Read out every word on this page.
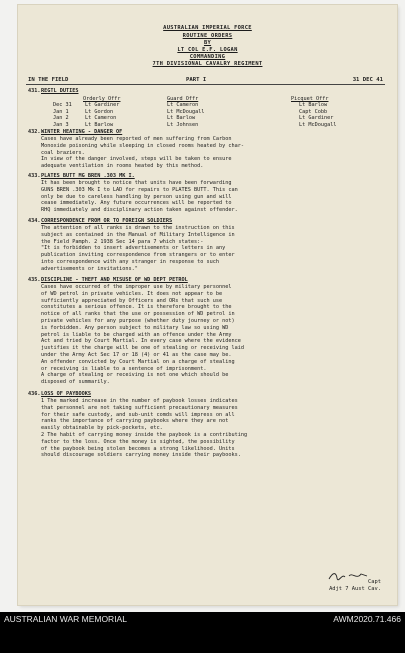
AUSTRALIAN IMPERIAL FORCE
ROUTINE ORDERS
BY
LT COL E.F. LOGAN
COMMANDING
7TH DIVISIONAL CAVALRY REGIMENT
IN THE FIELD	PART I	31 DEC 41
431. REGTL DUTIES
Orderly Offr	Guard Offr	Picquet Offr
Dec 31	Lt Gardiner	Lt Cameron	Lt Barlow
Jan 1	Lt Gordon	Lt McDougall	Capt Cobb
Jan 2	Lt Cameron	Lt Barlow	Lt Gardiner
Jan 3	Lt Barlow	Lt Johnsen	Lt McDougall
432. WINTER HEATING - DANGER OF
Cases have already been reported of men suffering from Carbon
Monoxide poisoning while sleeping in closed rooms heated by char-
coal braziers.
In view of the danger involved, steps will be taken to ensure
adequate ventilation in rooms heated by this method.
433. PLATES BUTT MG BREN .303 MK I.
It has been brought to notice that units have been forwarding
GUNS BREN .303 Mk I to LAD for repairs to PLATES BUTT. This can
only be due to careless handling by person using gun and will
cease immediately. Any future occurrences will be reported to
RHQ immediately and disciplinary action taken against offender.
434. CORRESPONDENCE FROM OR TO FOREIGN SOLDIERS
The attention of all ranks is drawn to the instruction on this
subject as contained in the Manual of Military Intelligence in
the Field Pamph. 2 1938 Sec 14 para 7 which states:-
"It is forbidden to insert advertisements or letters in any
publication inviting correspondence from strangers or to enter
into correspondence with any stranger in response to such
advertisements or invitations."
435. DISCIPLINE - THEFT AND MISUSE OF WD DEPT PETROL
Cases have occurred of the improper use by military personnel
of WD petrol in private vehicles. It does not appear to be
sufficiently appreciated by Officers and ORs that such use
constitutes a serious offence. It is therefore brought to the
notice of all ranks that the use or possession of WD petrol in
private vehicles for any purpose (whether duty journey or not)
is forbidden. Any person subject to military law so using WD
petrol is liable to be charged with an offence under the Army
Act and tried by Court Martial. In every case where the evidence
justifies it the charge will be one of stealing or receiving laid
under the Army Act Sec 17 or 18 (4) or 41 as the case may be.
An offender convicted by Court Martial on a charge of stealing
or receiving is liable to a sentence of imprisonment.
A charge of stealing or receiving is not one which should be
disposed of summarily.
436. LOSS OF PAYBOOKS
1 The marked increase in the number of paybook losses indicates
that personnel are not taking sufficient precautionary measures
for their safe custody, and sub-unit comds will impress on all
ranks the importance of carrying paybooks where they are not
easily obtainable by pick-pockets, etc.
2 The habit of carrying money inside the paybook is a contributing
factor to the loss. Once the money is sighted, the possibility
of the paybook being stolen becomes a strong likelihood. Units
should discourage soldiers carrying money inside their paybooks.
Capt
Adjt 7 Aust Cav.
AUSTRALIAN WAR MEMORIAL	AWM2020.71.466
